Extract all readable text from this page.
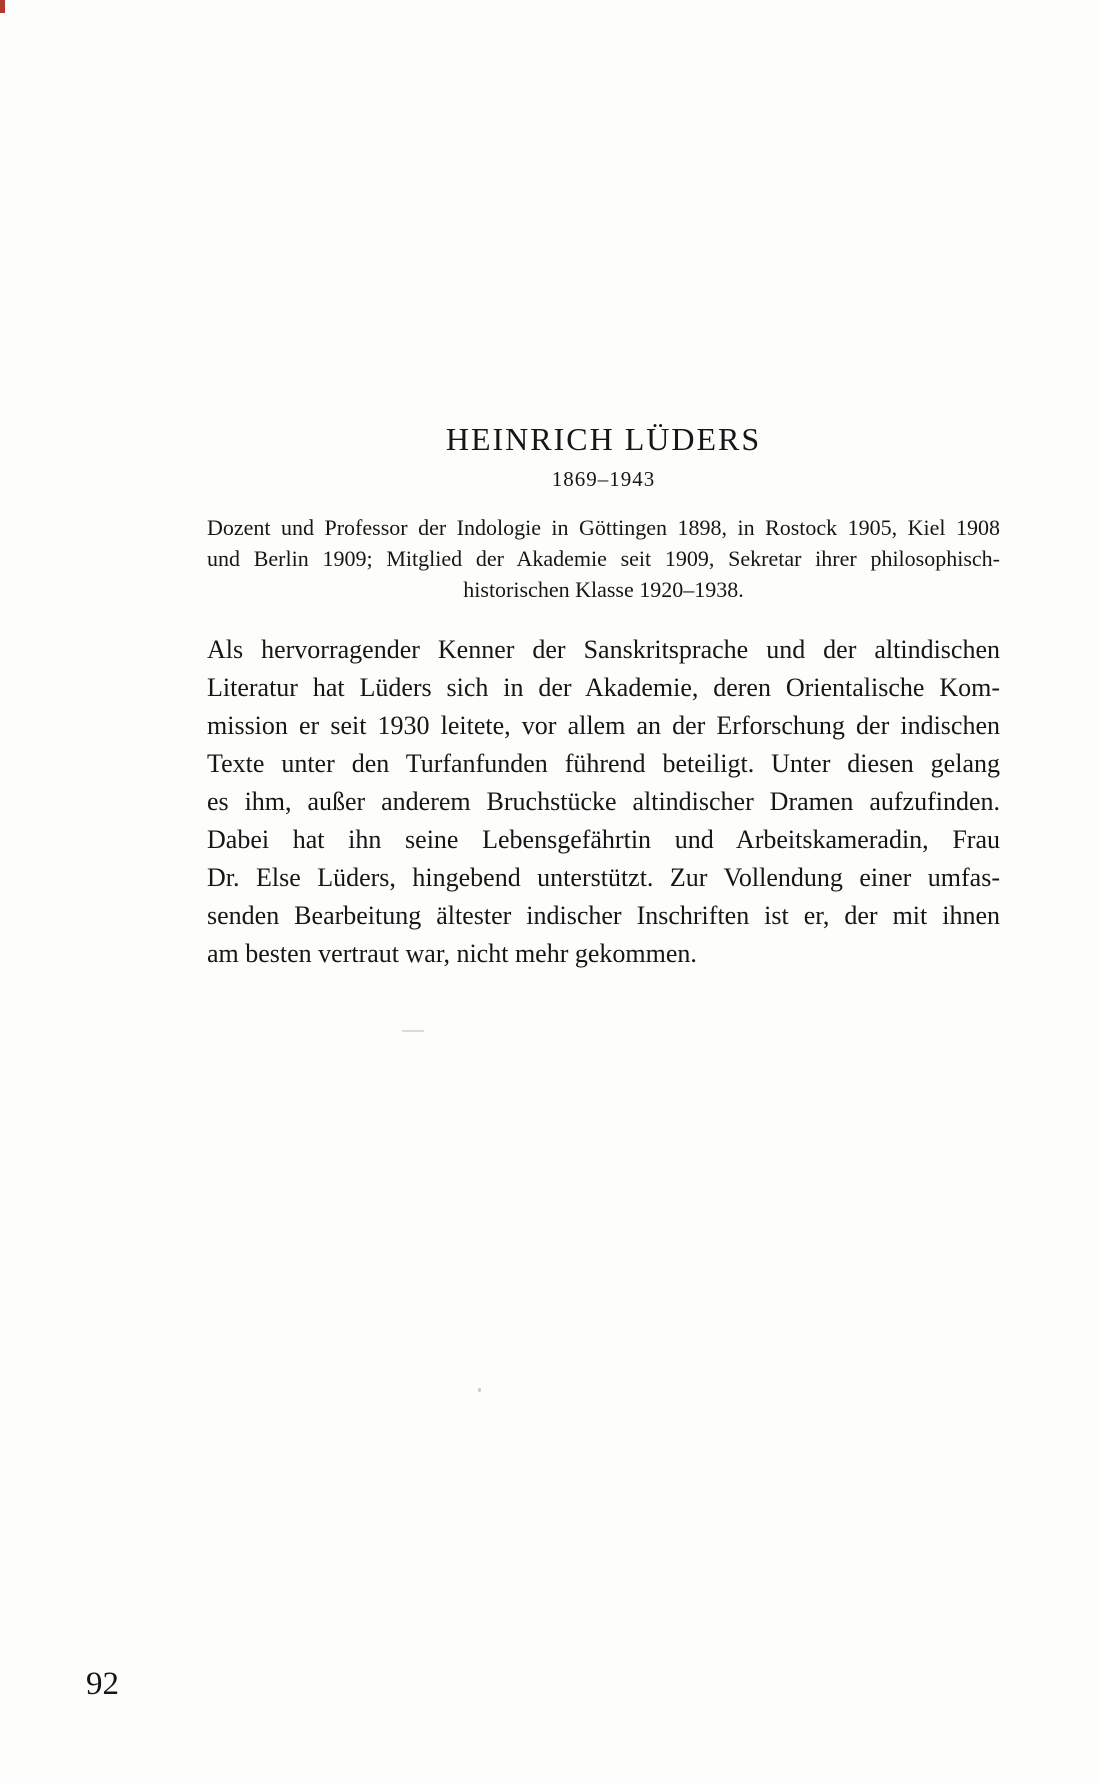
HEINRICH LÜDERS
1869–1943
Dozent und Professor der Indologie in Göttingen 1898, in Rostock 1905, Kiel 1908
und Berlin 1909; Mitglied der Akademie seit 1909, Sekretar ihrer philosophisch-
historischen Klasse 1920–1938.
Als hervorragender Kenner der Sanskritsprache und der altindischen
Literatur hat Lüders sich in der Akademie, deren Orientalische Kom-
mission er seit 1930 leitete, vor allem an der Erforschung der indischen
Texte unter den Turfanfunden führend beteiligt. Unter diesen gelang
es ihm, außer anderem Bruchstücke altindischer Dramen aufzufinden.
Dabei hat ihn seine Lebensgefährtin und Arbeitskameradin, Frau
Dr. Else Lüders, hingebend unterstützt. Zur Vollendung einer umfas-
senden Bearbeitung ältester indischer Inschriften ist er, der mit ihnen
am besten vertraut war, nicht mehr gekommen.
92
